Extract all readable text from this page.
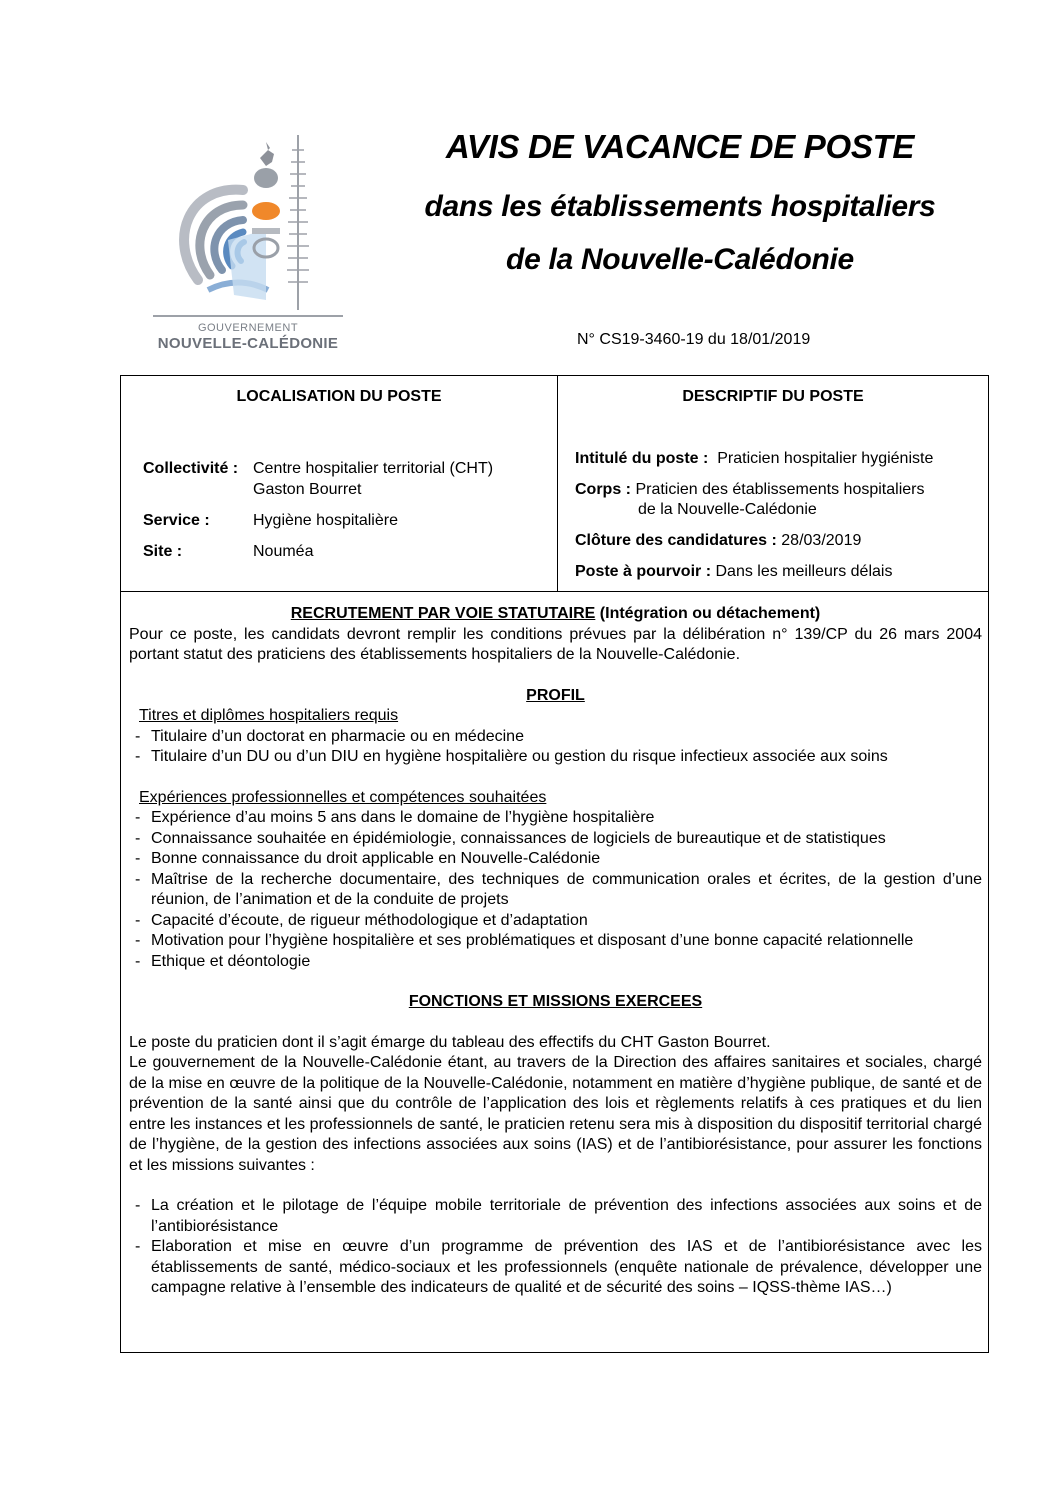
GOUVERNEMENT
NOUVELLE-CALÉDONIE
AVIS DE VACANCE DE POSTE
dans les établissements hospitaliers
de la Nouvelle-Calédonie
N° CS19-3460-19 du 18/01/2019
LOCALISATION DU POSTE
Collectivité : Centre hospitalier territorial (CHT)
Gaston Bourret
Service :	Hygiène hospitalière
Site :	Nouméa
DESCRIPTIF DU POSTE
Intitulé du poste : Praticien hospitalier hygiéniste
Corps : Praticien des établissements hospitaliers
de la Nouvelle-Calédonie
Clôture des candidatures : 28/03/2019
Poste à pourvoir : Dans les meilleurs délais
RECRUTEMENT PAR VOIE STATUTAIRE (Intégration ou détachement)
Pour ce poste, les candidats devront remplir les conditions prévues par la délibération n° 139/CP du 26 mars 2004 portant statut des praticiens des établissements hospitaliers de la Nouvelle-Calédonie.
PROFIL
Titres et diplômes hospitaliers requis
- Titulaire d’un doctorat en pharmacie ou en médecine
- Titulaire d’un DU ou d’un DIU en hygiène hospitalière ou gestion du risque infectieux associée aux soins
Expériences professionnelles et compétences souhaitées
- Expérience d’au moins 5 ans dans le domaine de l’hygiène hospitalière
- Connaissance souhaitée en épidémiologie, connaissances de logiciels de bureautique et de statistiques
- Bonne connaissance du droit applicable en Nouvelle-Calédonie
- Maîtrise de la recherche documentaire, des techniques de communication orales et écrites, de la gestion d’une réunion, de l’animation et de la conduite de projets
- Capacité d’écoute, de rigueur méthodologique et d’adaptation
- Motivation pour l’hygiène hospitalière et ses problématiques et disposant d’une bonne capacité relationnelle
- Ethique et déontologie
FONCTIONS ET MISSIONS EXERCEES
Le poste du praticien dont il s’agit émarge du tableau des effectifs du CHT Gaston Bourret.
Le gouvernement de la Nouvelle-Calédonie étant, au travers de la Direction des affaires sanitaires et sociales, chargé de la mise en œuvre de la politique de la Nouvelle-Calédonie, notamment en matière d’hygiène publique, de santé et de prévention de la santé ainsi que du contrôle de l’application des lois et règlements relatifs à ces pratiques et du lien entre les instances et les professionnels de santé, le praticien retenu sera mis à disposition du dispositif territorial chargé de l’hygiène, de la gestion des infections associées aux soins (IAS) et de l’antibiorésistance, pour assurer les fonctions et les missions suivantes :
- La création et le pilotage de l’équipe mobile territoriale de prévention des infections associées aux soins et de l’antibiorésistance
- Elaboration et mise en œuvre d’un programme de prévention des IAS et de l’antibiorésistance avec les établissements de santé, médico-sociaux et les professionnels (enquête nationale de prévalence, développer une campagne relative à l’ensemble des indicateurs de qualité et de sécurité des soins – IQSS-thème IAS…)
